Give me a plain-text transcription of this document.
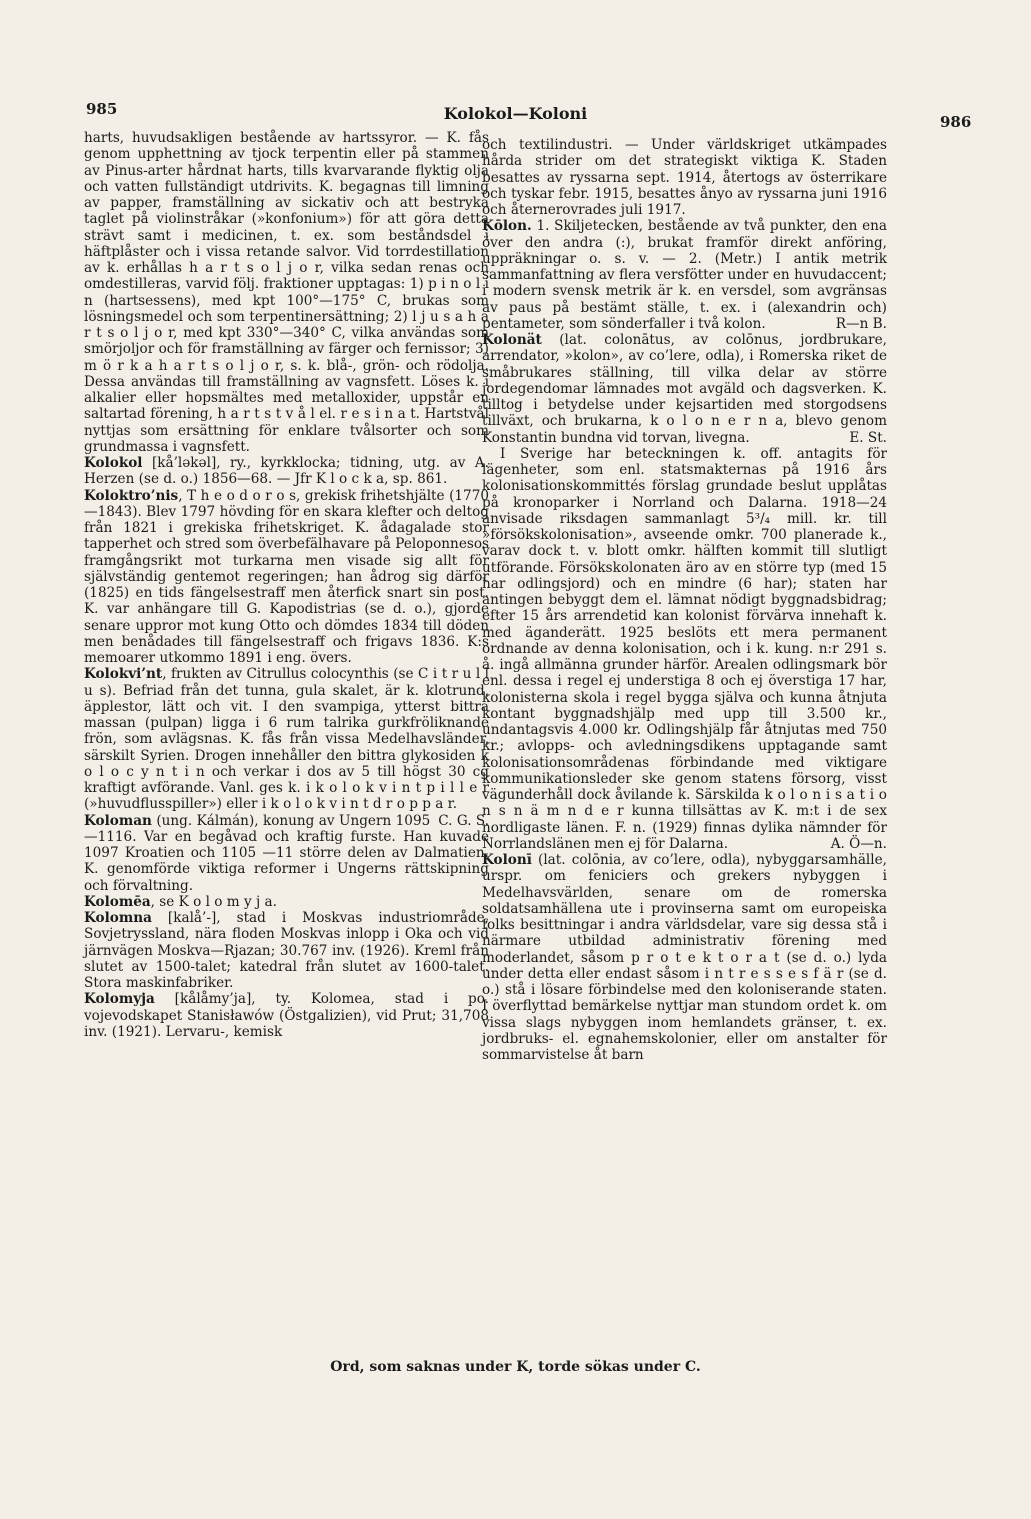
985	Kolokol—Koloni	986

harts, huvudsakligen bestående av hartssyror. — K. fås genom upphettning av tjock terpentin eller på stammen av Pinus-arter hårdnat harts, tills kvarvarande flyktig olja och vatten fullständigt utdrivits. K. begagnas till limning av papper, framställning av sickativ och att bestryka taglet på violinstråkar (»konfonium») för att göra detta strävt samt i medicinen, t. ex. som beståndsdel i häftplåster och i vissa retande salvor. Vid torrdestillation av k. erhållas h a r t s o l j o r, vilka sedan renas och omdestilleras, varvid följ. fraktioner upptagas: 1) p i n o l i n (hartsessens), med kpt 100°—175° C, brukas som lösningsmedel och som terpentinersättning; 2) l j u s a h a r t s o l j o r, med kpt 330°—340° C, vilka användas som smörjoljor och för framställning av färger och fernissor; 3) m ö r k a h a r t s o l j o r, s. k. blå-, grön- och rödolja. Dessa användas till framställning av vagnsfett. Löses k. i alkalier eller hopsmältes med metalloxider, uppstår en saltartad förening, h a r t s t v å l el. r e s i n a t. Hartstvål nyttjas som ersättning för enklare tvålsorter och som grundmassa i vagnsfett.

Kolokol [kå’ləkəl], ry., kyrkklocka; tidning, utg. av A. Herzen (se d. o.) 1856—68. — Jfr K l o c k a, sp. 861.

Koloktro’nis, T h e o d o r o s, grekisk frihetshjälte (1770—1843). Blev 1797 hövding för en skara klefter och deltog från 1821 i grekiska frihetskriget. K. ådagalade stor tapperhet och stred som överbefälhavare på Peloponnesos framgångsrikt mot turkarna men visade sig allt för självständig gentemot regeringen; han ådrog sig därför (1825) en tids fängelsestraff men återfick snart sin post. K. var anhängare till G. Kapodistrias (se d. o.), gjorde senare uppror mot kung Otto och dömdes 1834 till döden men benådades till fängelsestraff och frigavs 1836. K:s memoarer utkommo 1891 i eng. övers.

Kolokvi’nt, frukten av Citrullus colocynthis (se C i t r u l l u s). Befriad från det tunna, gula skalet, är k. klotrund, äpplestor, lätt och vit. I den svampiga, ytterst bittra massan (pulpan) ligga i 6 rum talrika gurkfröliknande frön, som avlägsnas. K. fås från vissa Medelhavsländer, särskilt Syrien. Drogen innehåller den bittra glykosiden k o l o c y n t i n och verkar i dos av 5 till högst 30 cg kraftigt avförande. Vanl. ges k. i k o l o k v i n t p i l l e r (»huvudflusspiller») eller i k o l o k v i n t d r o p p a r.
C. G. S.

Koloman (ung. Kálmán), konung av Ungern 1095—1116. Var en begåvad och kraftig furste. Han kuvade 1097 Kroatien och 1105 —11 större delen av Dalmatien. K. genomförde viktiga reformer i Ungerns rättskipning och förvaltning.

Kolomēa, se K o l o m y j a.

Kolomna [kalå’-], stad i Moskvas industriområde, Sovjetryssland, nära floden Moskvas inlopp i Oka och vid järnvägen Moskva—Rjazan; 30.767 inv. (1926). Kreml från slutet av 1500-talet; katedral från slutet av 1600-talet. Stora maskinfabriker.

Kolomyja [kålåmy’ja], ty. Kolomea, stad i po. vojevodskapet Stanisławów (Östgalizien), vid Prut; 31,708 inv. (1921). Lervaru-, kemisk

och textilindustri. — Under världskriget utkämpades hårda strider om det strategiskt viktiga K. Staden besattes av ryssarna sept. 1914, återtogs av österrikare och tyskar febr. 1915, besattes ånyo av ryssarna juni 1916 och åternerovrades juli 1917.

Kōlon. 1. Skiljetecken, bestående av två punkter, den ena över den andra (:), brukat framför direkt anföring, uppräkningar o. s. v. — 2. (Metr.) I antik metrik sammanfattning av flera versfötter under en huvudaccent; i modern svensk metrik är k. en versdel, som avgränsas av paus på bestämt ställe, t. ex. i (alexandrin och) pentameter, som sönderfaller i två kolon.	R—n B.

Kolonät (lat. colonātus, av colōnus, jordbrukare, arrendator, »kolon», av co’lere, odla), i Romerska riket de småbrukares ställning, till vilka delar av större jordegendomar lämnades mot avgäld och dagsverken. K. tilltog i betydelse under kejsartiden med storgodsens tillväxt, och brukarna, k o l o n e r n a, blevo genom Konstantin bundna vid torvan, livegna.	E. St.

I Sverige har beteckningen k. off. antagits för lägenheter, som enl. statsmakternas på 1916 års kolonisationskommittés förslag grundade beslut upplåtas på kronoparker i Norrland och Dalarna. 1918—24 anvisade riksdagen sammanlagt 5³/₄ mill. kr. till »försökskolonisation», avseende omkr. 700 planerade k., varav dock t. v. blott omkr. hälften kommit till slutligt utförande. Försökskolonaten äro av en större typ (med 15 har odlingsjord) och en mindre (6 har); staten har antingen bebyggt dem el. lämnat nödigt byggnadsbidrag; efter 15 års arrendetid kan kolonist förvärva innehaft k. med äganderätt. 1925 beslöts ett mera permanent ordnande av denna kolonisation, och i k. kung. n:r 291 s. å. ingå allmänna grunder härför. Arealen odlingsmark bör enl. dessa i regel ej understiga 8 och ej överstiga 17 har, kolonisterna skola i regel bygga själva och kunna åtnjuta kontant byggnadshjälp med upp till 3.500 kr., undantagsvis 4.000 kr. Odlingshjälp får åtnjutas med 750 kr.; avlopps- och avledningsdikens upptagande samt kolonisationsområdenas förbindande med viktigare kommunikationsleder ske genom statens försorg, visst vägunderhåll dock åvilande k. Särskilda k o l o n i s a t i o n s n ä m n d e r kunna tillsättas av K. m:t i de sex nordligaste länen. F. n. (1929) finnas dylika nämnder för Norrlandslänen men ej för Dalarna.	A. Ö—n.

Kolonī (lat. colōnia, av co’lere, odla), nybyggarsamhälle, urspr. om feniciers och grekers nybyggen i Medelhavsvärlden, senare om de romerska soldatsamhällena ute i provinserna samt om europeiska folks besittningar i andra världsdelar, vare sig dessa stå i närmare utbildad administrativ förening med moderlandet, såsom p r o t e k t o r a t (se d. o.) lyda under detta eller endast såsom i n t r e s s e s f ä r (se d. o.) stå i lösare förbindelse med den koloniserande staten. I överflyttad bemärkelse nyttjar man stundom ordet k. om vissa slags nybyggen inom hemlandets gränser, t. ex. jordbruks- el. egnahemskolonier, eller om anstalter för sommarvistelse åt barn

Ord, som saknas under K, torde sökas under C.
